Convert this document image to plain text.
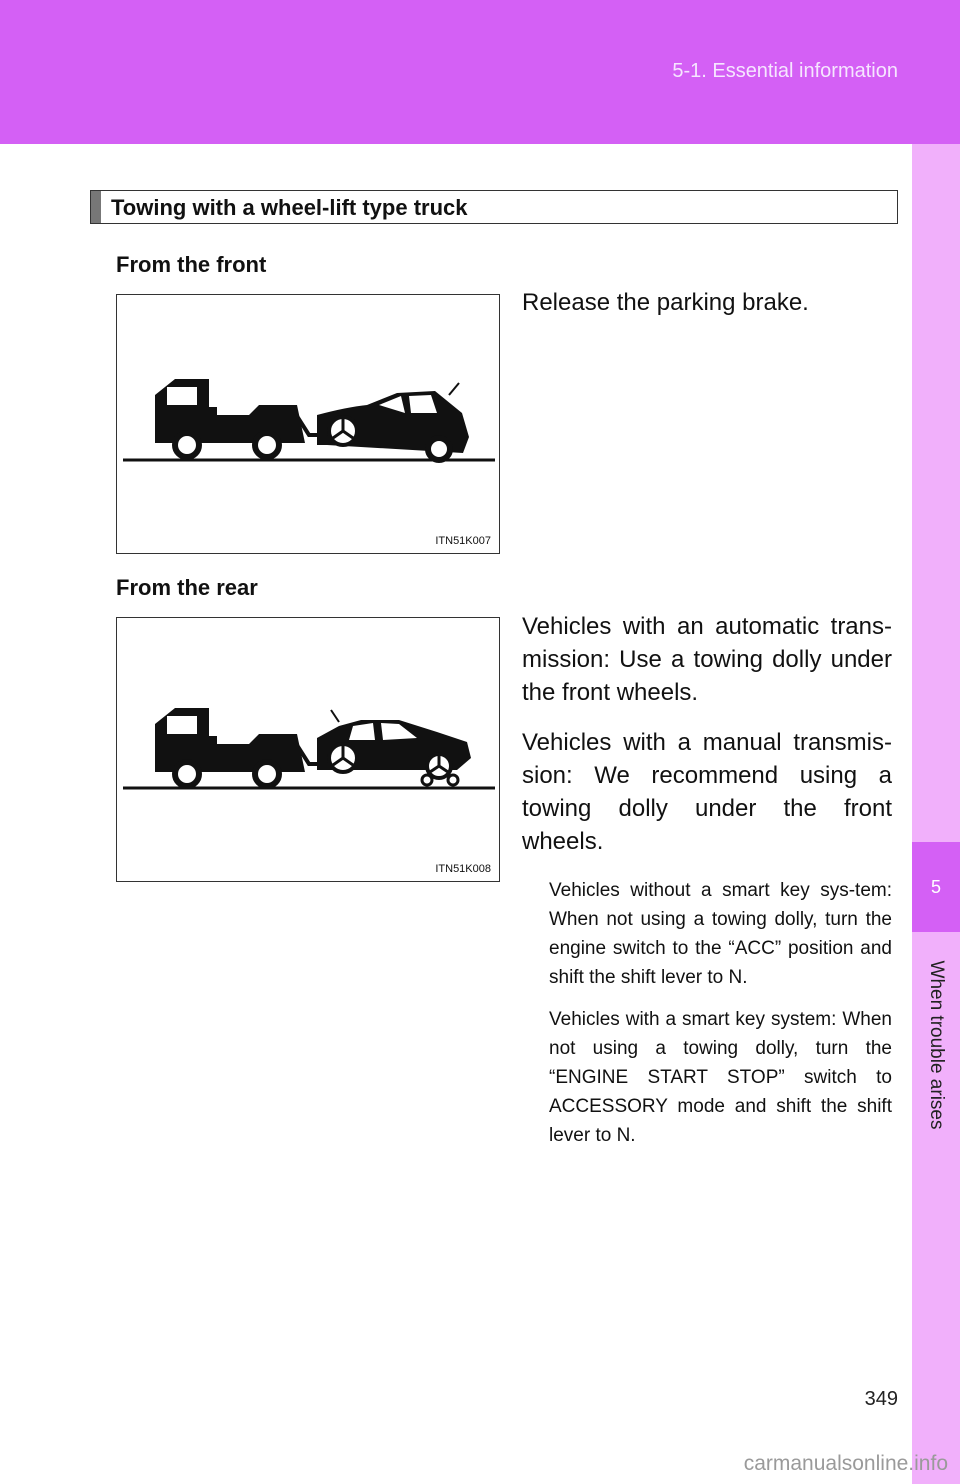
5-1. Essential information
5
When trouble arises
Towing with a wheel-lift type truck
From the front
ITN51K007

Release the parking brake.

From the rear
ITN51K008

Vehicles with an automatic trans-mission: Use a towing dolly under the front wheels.

Vehicles with a manual transmis-sion: We recommend using a towing dolly under the front wheels.

Vehicles without a smart key sys-tem: When not using a towing dolly, turn the engine switch to the “ACC” position and shift the shift lever to N.

Vehicles with a smart key system: When not using a towing dolly, turn the “ENGINE START STOP” switch to ACCESSORY mode and shift the shift lever to N.

349
carmanualsonline.info
